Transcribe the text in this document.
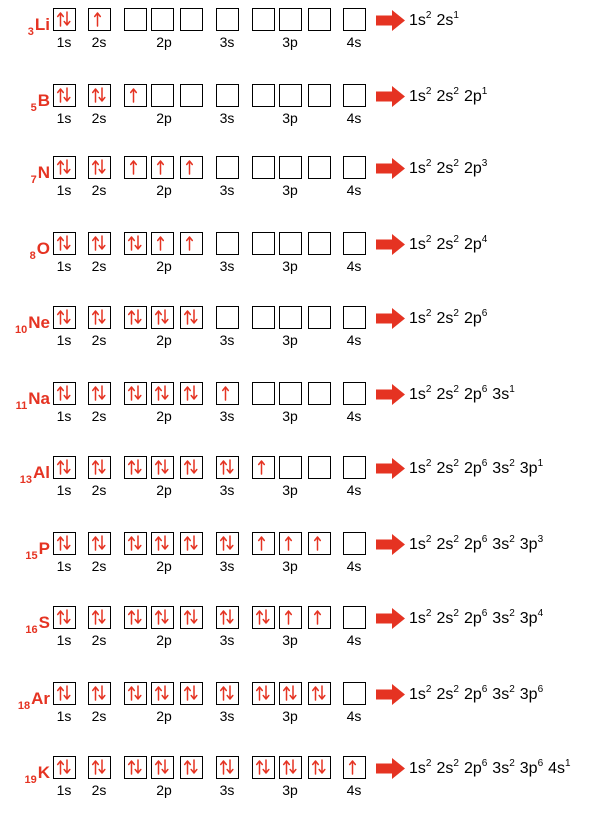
$_3$Li
1s	2s	2p	3s	3p	4s
$1s^2$ $2s^1$
$_5$B
1s	2s	2p	3s	3p	4s
$1s^2$ $2s^2$ $2p^1$
$_7$N
1s	2s	2p	3s	3p	4s
$1s^2$ $2s^2$ $2p^3$
$_8$O
1s	2s	2p	3s	3p	4s
$1s^2$ $2s^2$ $2p^4$
$_{10}$Ne
1s	2s	2p	3s	3p	4s
$1s^2$ $2s^2$ $2p^6$
$_{11}$Na
1s	2s	2p	3s	3p	4s
$1s^2$ $2s^2$ $2p^6$ $3s^1$
$_{13}$Al
1s	2s	2p	3s	3p	4s
$1s^2$ $2s^2$ $2p^6$ $3s^2$ $3p^1$
$_{15}$P
1s	2s	2p	3s	3p	4s
$1s^2$ $2s^2$ $2p^6$ $3s^2$ $3p^3$
$_{16}$S
1s	2s	2p	3s	3p	4s
$1s^2$ $2s^2$ $2p^6$ $3s^2$ $3p^4$
$_{18}$Ar
1s	2s	2p	3s	3p	4s
$1s^2$ $2s^2$ $2p^6$ $3s^2$ $3p^6$
$_{19}$K
1s	2s	2p	3s	3p	4s
$1s^2$ $2s^2$ $2p^6$ $3s^2$ $3p^6$ $4s^1$
